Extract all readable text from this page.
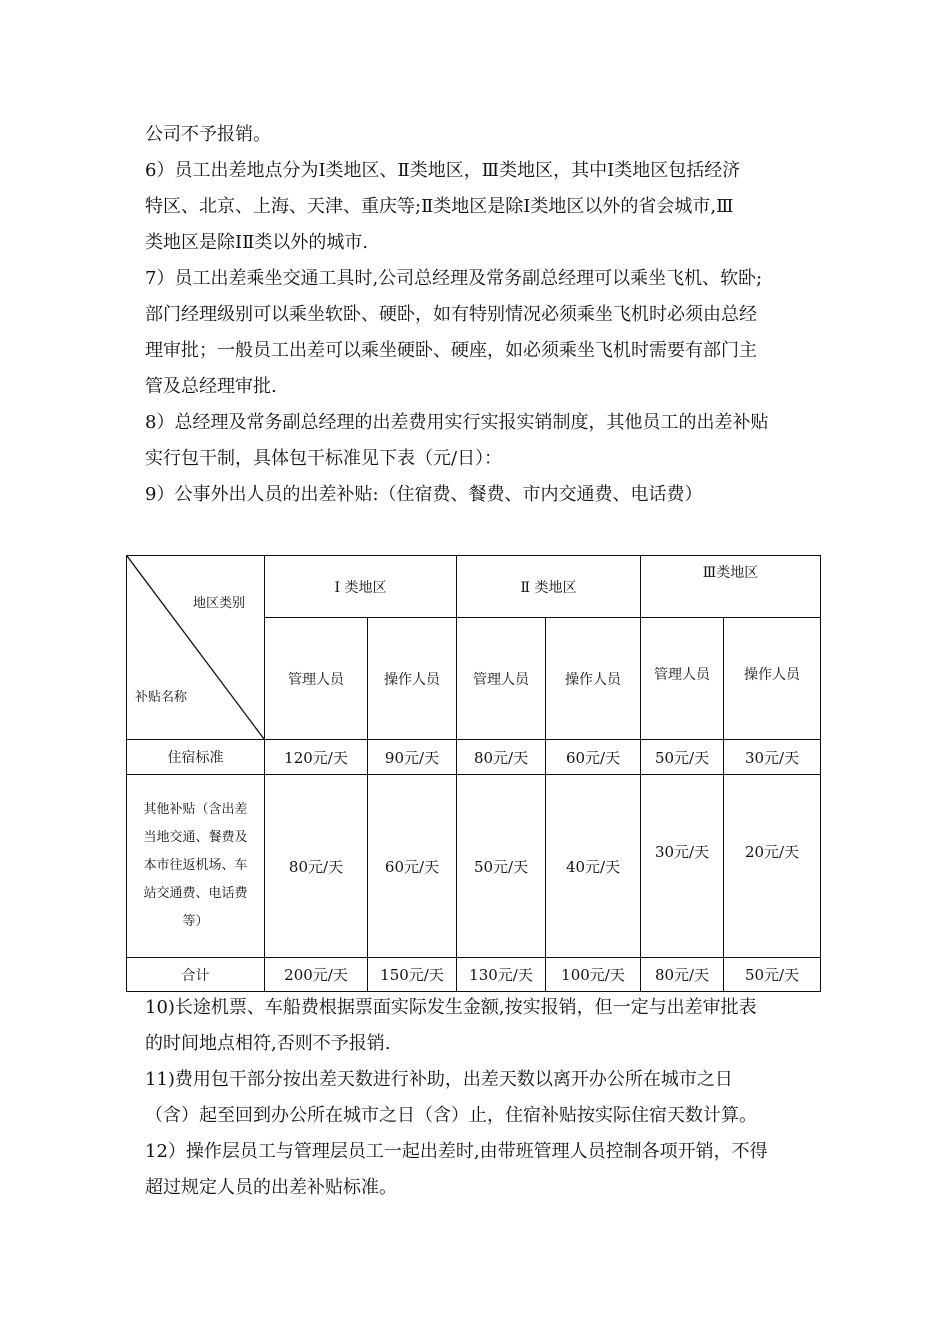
公司不予报销。
6）员工出差地点分为Ⅰ类地区、Ⅱ类地区，Ⅲ类地区，其中Ⅰ类地区包括经济
特区、北京、上海、天津、重庆等;Ⅱ类地区是除Ⅰ类地区以外的省会城市,Ⅲ
类地区是除ⅠⅡ类以外的城市.
7）员工出差乘坐交通工具时,公司总经理及常务副总经理可以乘坐飞机、软卧;
部门经理级别可以乘坐软卧、硬卧，如有特别情况必须乘坐飞机时必须由总经
理审批；一般员工出差可以乘坐硬卧、硬座，如必须乘坐飞机时需要有部门主
管及总经理审批.
8）总经理及常务副总经理的出差费用实行实报实销制度，其他员工的出差补贴
实行包干制，具体包干标准见下表（元/日）：
9）公事外出人员的出差补贴:（住宿费、餐费、市内交通费、电话费）
地区类别
补贴名称	Ⅰ 类地区		Ⅱ 类地区		Ⅲ类地区	
	管理人员	操作人员	管理人员	操作人员	管理人员	操作人员
住宿标准	120元/天	90元/天	80元/天	60元/天	50元/天	30元/天

其他补贴（含出差
当地交通、餐费及
本市往返机场、车
站交通费、电话费
等）	80元/天	60元/天	50元/天	40元/天	30元/天	20元/天
合计	200元/天	150元/天	130元/天	100元/天	80元/天	50元/天
10)长途机票、车船费根据票面实际发生金额,按实报销，但一定与出差审批表
的时间地点相符,否则不予报销.
11)费用包干部分按出差天数进行补助，出差天数以离开办公所在城市之日
（含）起至回到办公所在城市之日（含）止，住宿补贴按实际住宿天数计算。
12）操作层员工与管理层员工一起出差时,由带班管理人员控制各项开销，不得
超过规定人员的出差补贴标准。
